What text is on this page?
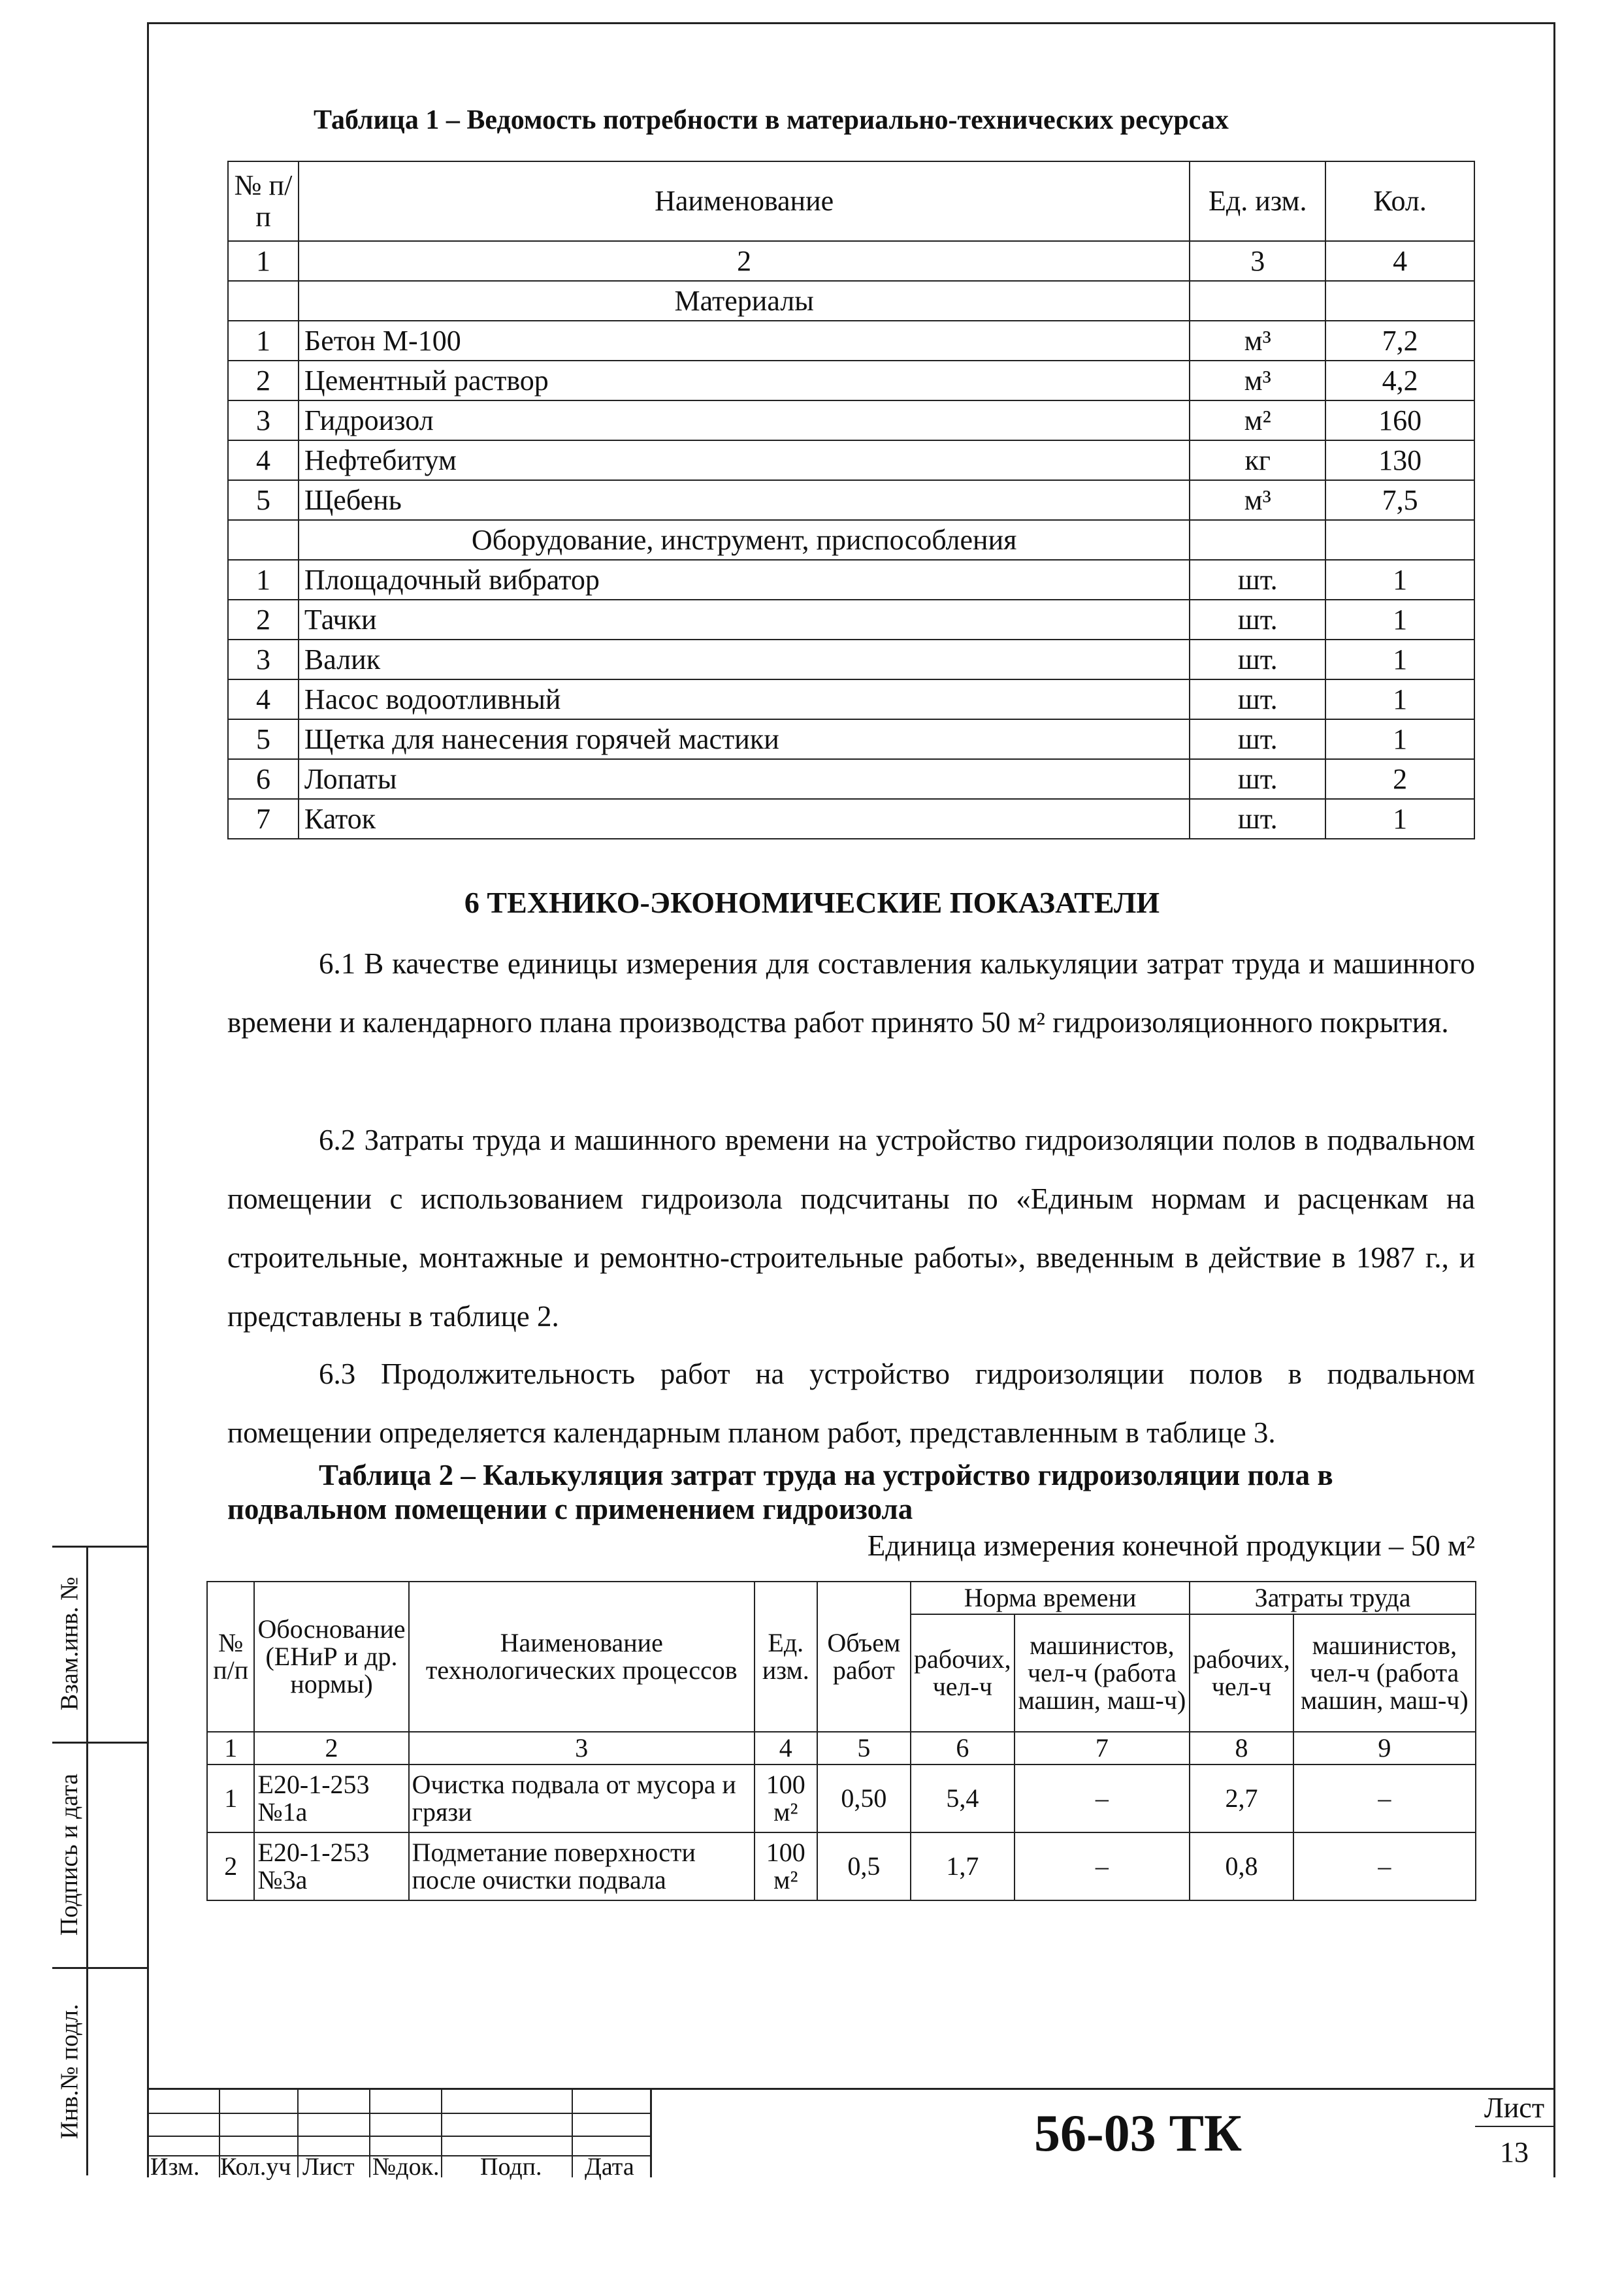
Взам.инв. №
Подпись и дата
Инв.№ подл.
Таблица 1 – Ведомость потребности в материально-технических ресурсах
№ п/п	Наименование	Ед. изм.	Кол.
1	2	3	4
	Материалы		
1	Бетон М-100	м³	7,2
2	Цементный раствор	м³	4,2
3	Гидроизол	м²	160
4	Нефтебитум	кг	130
5	Щебень	м³	7,5
	Оборудование, инструмент, приспособления		
1	Площадочный вибратор	шт.	1
2	Тачки	шт.	1
3	Валик	шт.	1
4	Насос водоотливный	шт.	1
5	Щетка для нанесения горячей мастики	шт.	1
6	Лопаты	шт.	2
7	Каток	шт.	1
6 ТЕХНИКО-ЭКОНОМИЧЕСКИЕ ПОКАЗАТЕЛИ
6.1 В качестве единицы измерения для составления калькуляции затрат труда и машинного времени и календарного плана производства работ принято 50 м² гидроизоляционного покрытия.
6.2 Затраты труда и машинного времени на устройство гидроизоляции полов в подвальном помещении с использованием гидроизола подсчитаны по «Единым нормам и расценкам на строительные, монтажные и ремонтно-строительные работы», введенным в действие в 1987 г., и представлены в таблице 2.
6.3 Продолжительность работ на устройство гидроизоляции полов в подвальном помещении определяется календарным планом работ, представленным в таблице 3.
Таблица 2 – Калькуляция затрат труда на устройство гидроизоляции пола в
подвальном помещении с применением гидроизола
Единица измерения конечной продукции – 50 м²
№ п/п	Обоснование (ЕНиР и др. нормы)	Наименование технологических процессов	Ед. изм.	Объем работ	Норма времени		Затраты труда	
					рабочих, чел-ч	машинистов, чел-ч (работа машин, маш-ч)	рабочих, чел-ч	машинистов, чел-ч (работа машин, маш-ч)
1	2	3	4	5	6	7	8	9
1	Е20-1-253 №1а	Очистка подвала от мусора и грязи	100 м²	0,50	5,4	–	2,7	–
2	Е20-1-253 №3а	Подметание поверхности после очистки подвала	100 м²	0,5	1,7	–	0,8	–
Изм. Кол.уч Лист №док. Подп. Дата
56-03 ТК	Лист
13
